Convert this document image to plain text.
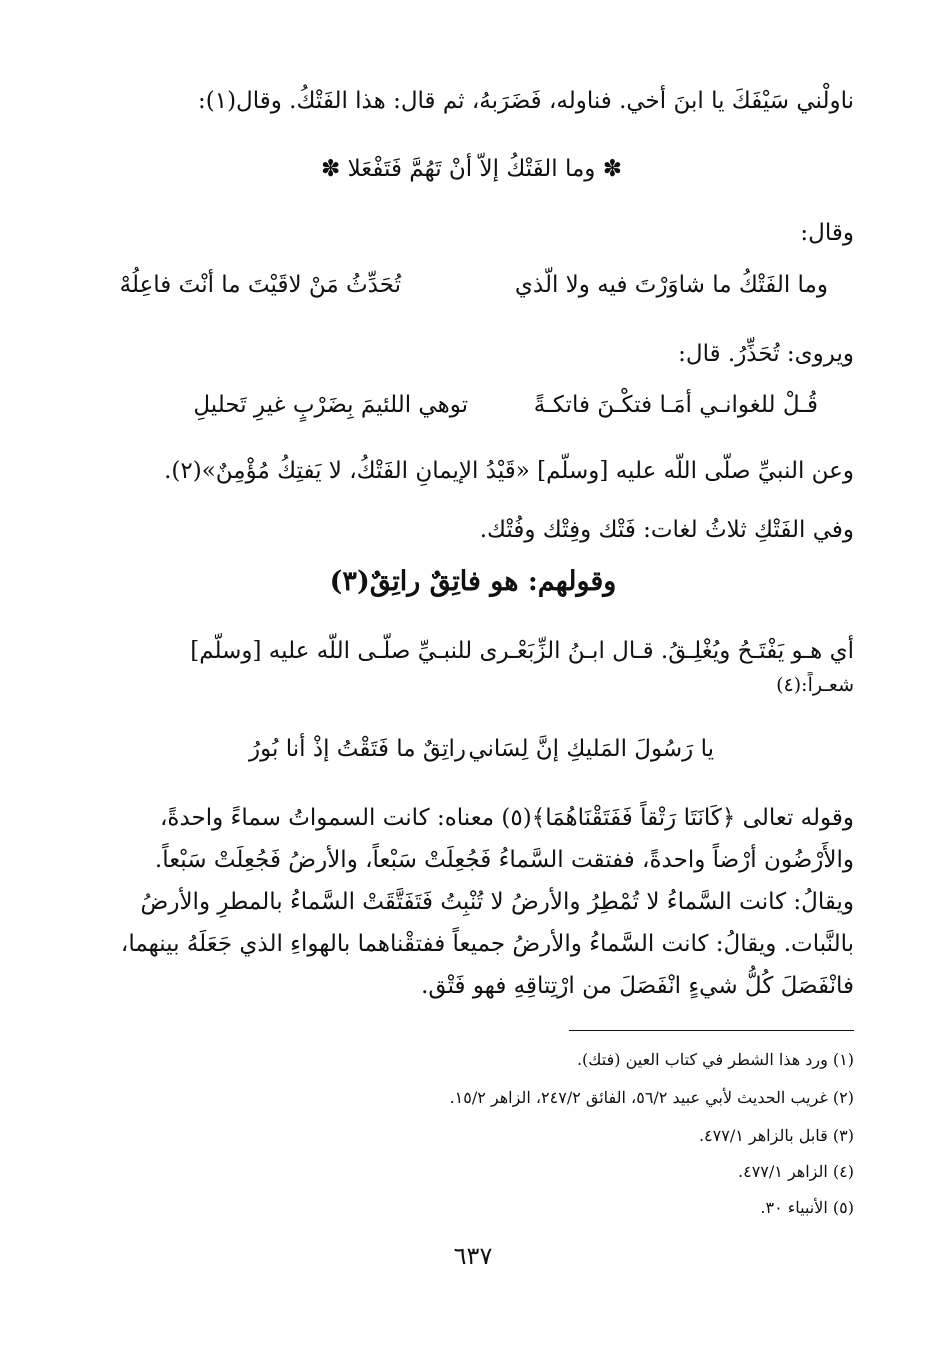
ناولْني سَيْفَكَ يا ابنَ أخي. فناوله، فَضَرَبهُ، ثم قال: هذا الفَتْكُ. وقال(١):
✽ وما الفَتْكُ إلاّ أنْ تَهُمَّ فَتَفْعَلا ✽
وقال:
وما الفَتْكُ ما شاوَرْتَ فيه ولا الّذي
تُحَدِّثُ مَنْ لاقَيْتَ ما أنْتَ فاعِلُهْ
ويروى: تُحَذِّرُ. قال:
قُـلْ للغوانـي أمَـا فتكْـنَ فاتكـةً
توهي اللئيمَ بِضَرْبٍ غيرِ تَحليلِ
وعن النبيِّ صلّى اللّه عليه [وسلّم] «قَيْدُ الإيمانِ الفَتْكُ، لا يَفتِكُ مُؤْمِنٌ»(٢).
وفي الفَتْكِ ثلاثُ لغات: فَتْك وفِتْك وفُتْك.
وقولهم: هو فاتِقٌ راتِقٌ(٣)
أي هـو يَفْتَـحُ ويُغْلِـقُ. قـال ابـنُ الزِّبَعْـرى للنبـيِّ صلّـى اللّه عليه [وسلّم]
شعـراً:(٤)
يا رَسُولَ المَليكِ إنَّ لِسَاني
راتِقٌ ما فَتَقْتُ إذْ أنا بُورُ
وقوله تعالى ﴿كَانَتَا رَتْقاً فَفَتَقْنَاهُمَا﴾(٥) معناه: كانت السمواتُ سماءً واحدةً،
والأَرْضُون أرْضاً واحدةً، ففتقت السَّماءُ فَجُعِلَتْ سَبْعاً، والأرضُ فَجُعِلَتْ سَبْعاً.
ويقالُ: كانت السَّماءُ لا تُمْطِرُ والأرضُ لا تُنْبِتُ فَتَفَتَّقَتْ السَّماءُ بالمطرِ والأرضُ
بالنَّبات. ويقالُ: كانت السَّماءُ والأرضُ جميعاً ففتقْناهما بالهواءِ الذي جَعَلَهُ بينهما،
فانْفَصَلَ كُلُّ شيءٍ انْفَصَلَ من ارْتِتاقِهِ فهو فَتْق.
(١) ورد هذا الشطر في كتاب العين (فتك).
(٢) غريب الحديث لأبي عبيد ٥٦/٢، الفائق ٢٤٧/٢، الزاهر ١٥/٢.
(٣) قابل بالزاهر ٤٧٧/١.
(٤) الزاهر ٤٧٧/١.
(٥) الأنبياء ٣٠.
٦٣٧
